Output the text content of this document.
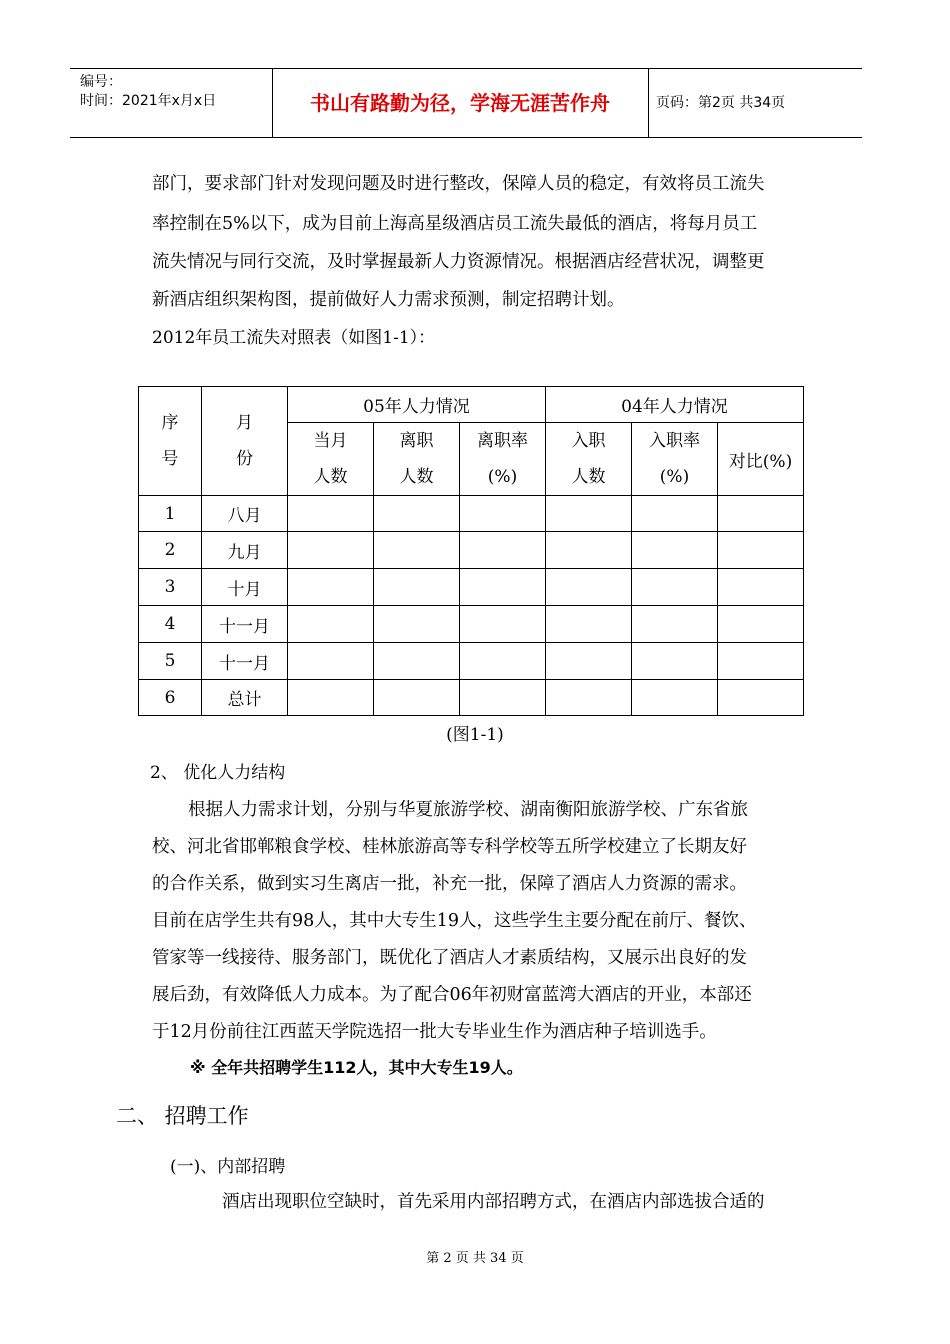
编号：
时间：2021年x月x日	书山有路勤为径，学海无涯苦作舟	页码：第2页 共34页
部门，要求部门针对发现问题及时进行整改，保障人员的稳定，有效将员工流失
率控制在5%以下，成为目前上海高星级酒店员工流失最低的酒店，将每月员工
流失情况与同行交流，及时掌握最新人力资源情况。根据酒店经营状况，调整更
新酒店组织架构图，提前做好人力需求预测，制定招聘计划。
2012年员工流失对照表（如图1-1）：
序号	月份	05年人力情况			04年人力情况		
		当月人数	离职人数	离职率(%)	入职人数	入职率(%)	对比(%)
1	八月						
2	九月						
3	十月						
4	十一月						
5	十一月						
6	总计						
(图1-1)
2、 优化人力结构
根据人力需求计划，分别与华夏旅游学校、湖南衡阳旅游学校、广东省旅
校、河北省邯郸粮食学校、桂林旅游高等专科学校等五所学校建立了长期友好
的合作关系，做到实习生离店一批，补充一批，保障了酒店人力资源的需求。
目前在店学生共有98人，其中大专生19人，这些学生主要分配在前厅、餐饮、
管家等一线接待、服务部门，既优化了酒店人才素质结构，又展示出良好的发
展后劲，有效降低人力成本。为了配合06年初财富蓝湾大酒店的开业，本部还
于12月份前往江西蓝天学院选招一批大专毕业生作为酒店种子培训选手。
※ 全年共招聘学生112人，其中大专生19人。
二、 招聘工作
(一)、内部招聘
酒店出现职位空缺时，首先采用内部招聘方式，在酒店内部选拔合适的
第 2 页 共 34 页
